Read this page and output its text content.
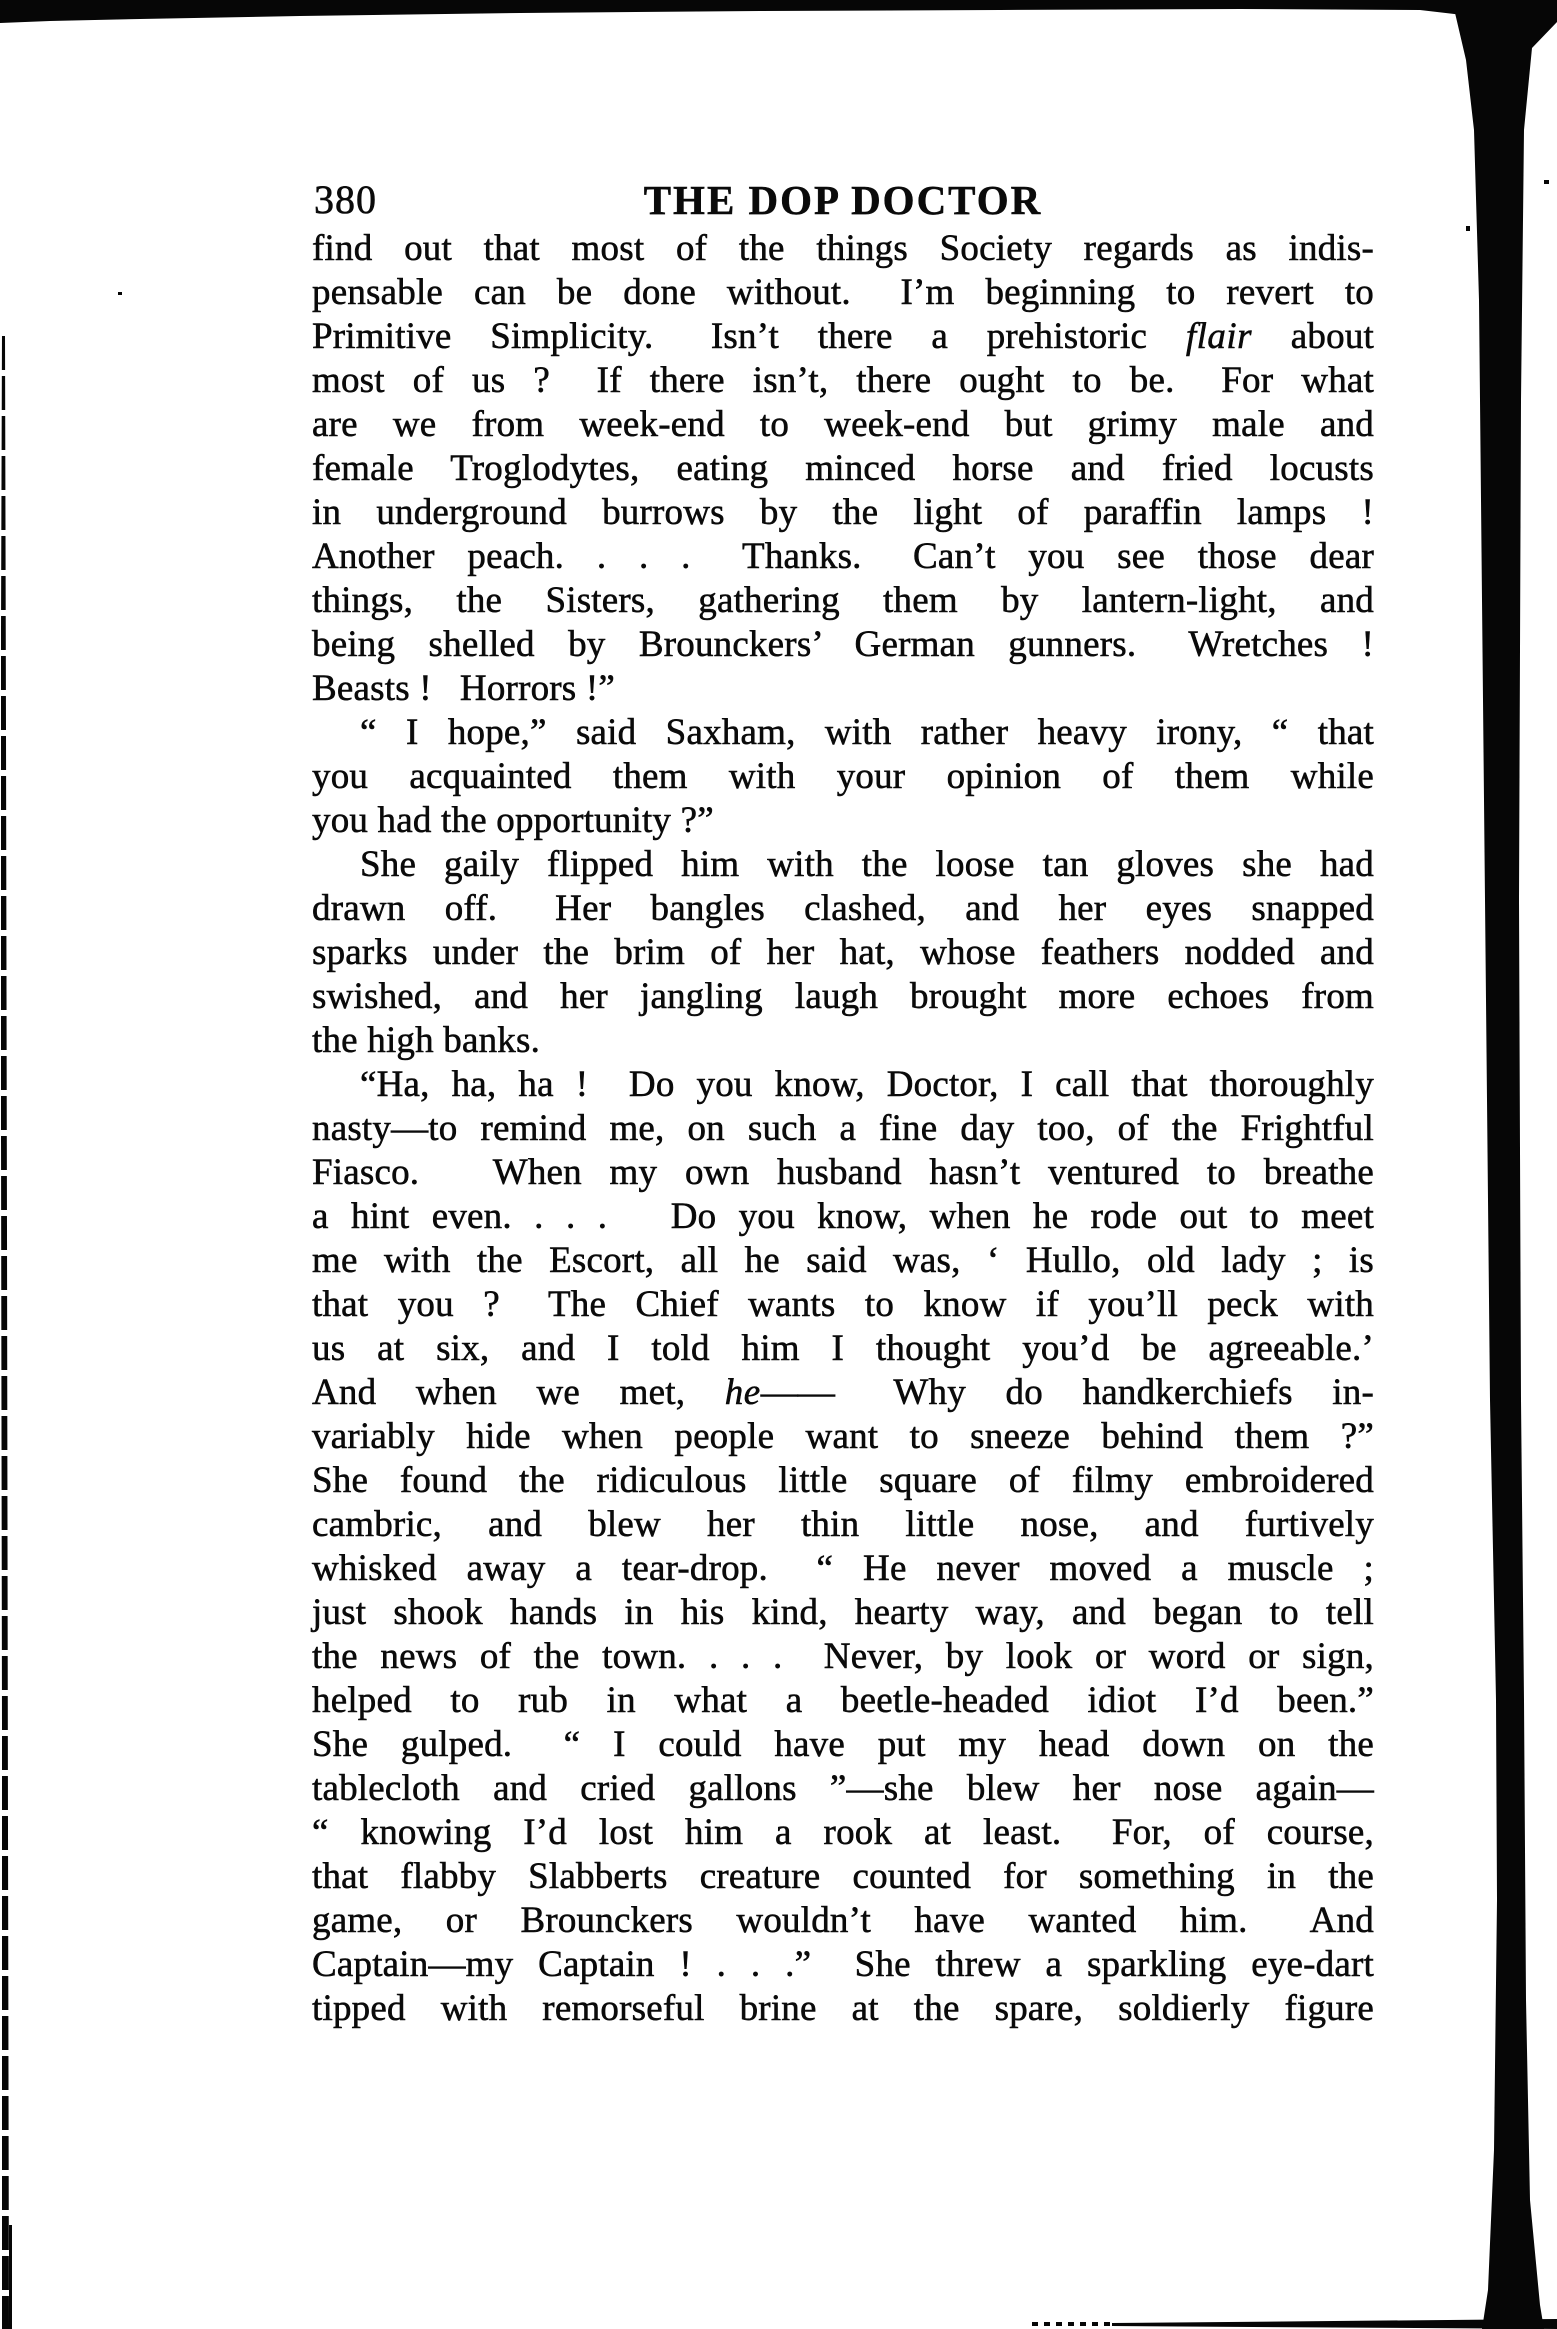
380	THE DOP DOCTOR
find out that most of the things Society regards as indis-
pensable can be done without.  I’m beginning to revert to
Primitive Simplicity.  Isn’t there a prehistoric flair about
most of us ?  If there isn’t, there ought to be.  For what
are we from week-end to week-end but grimy male and
female Troglodytes, eating minced horse and fried locusts
in underground burrows by the light of paraffin lamps !
Another peach. . . .  Thanks.  Can’t you see those dear
things, the Sisters, gathering them by lantern-light, and
being shelled by Brounckers’ German gunners.  Wretches !
Beasts !  Horrors !”
“ I hope,” said Saxham, with rather heavy irony, “ that
you acquainted them with your opinion of them while
you had the opportunity ?”
She gaily flipped him with the loose tan gloves she had
drawn off.  Her bangles clashed, and her eyes snapped
sparks under the brim of her hat, whose feathers nodded and
swished, and her jangling laugh brought more echoes from
the high banks.
“Ha, ha, ha !  Do you know, Doctor, I call that thoroughly
nasty—to remind me, on such a fine day too, of the Frightful
Fiasco.   When my own husband hasn’t ventured to breathe
a hint even. . . .   Do you know, when he rode out to meet
me with the Escort, all he said was, ‘ Hullo, old lady ; is
that you ?  The Chief wants to know if you’ll peck with
us at six, and I told him I thought you’d be agreeable.’
And when we met, he——  Why do handkerchiefs in-
variably hide when people want to sneeze behind them ?”
She found the ridiculous little square of filmy embroidered
cambric, and blew her thin little nose, and furtively
whisked away a tear-drop.  “ He never moved a muscle ;
just shook hands in his kind, hearty way, and began to tell
the news of the town. . . .  Never, by look or word or sign,
helped to rub in what a beetle-headed idiot I’d been.”
She gulped.  “ I could have put my head down on the
tablecloth and cried gallons ”—she blew her nose again—
“ knowing I’d lost him a rook at least.  For, of course,
that flabby Slabberts creature counted for something in the
game, or Brounckers wouldn’t have wanted him.  And
Captain—my Captain ! . . .”  She threw a sparkling eye-dart
tipped with remorseful brine at the spare, soldierly figure
